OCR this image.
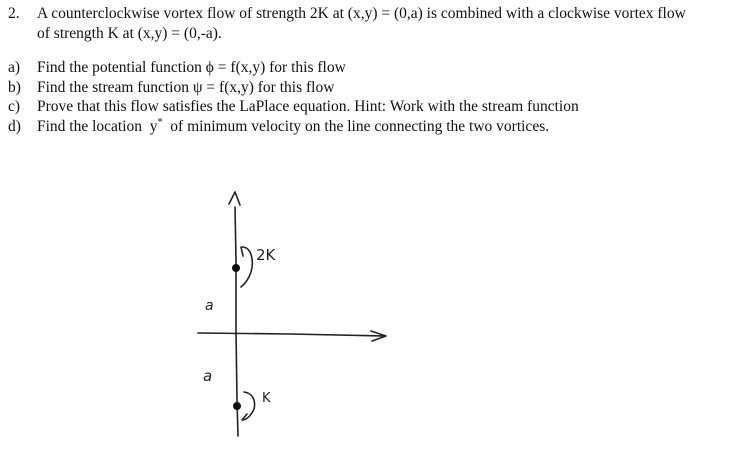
2.	A counterclockwise vortex flow of strength 2K at (x,y) = (0,a) is combined with a clockwise vortex flow
of strength K at (x,y) = (0,-a).
a)	Find the potential function ϕ = f(x,y) for this flow
b)	Find the stream function ψ = f(x,y) for this flow
c)	Prove that this flow satisfies the LaPlace equation. Hint: Work with the stream function
d)	Find the location  y*  of minimum velocity on the line connecting the two vortices.
2K
K
a
a
